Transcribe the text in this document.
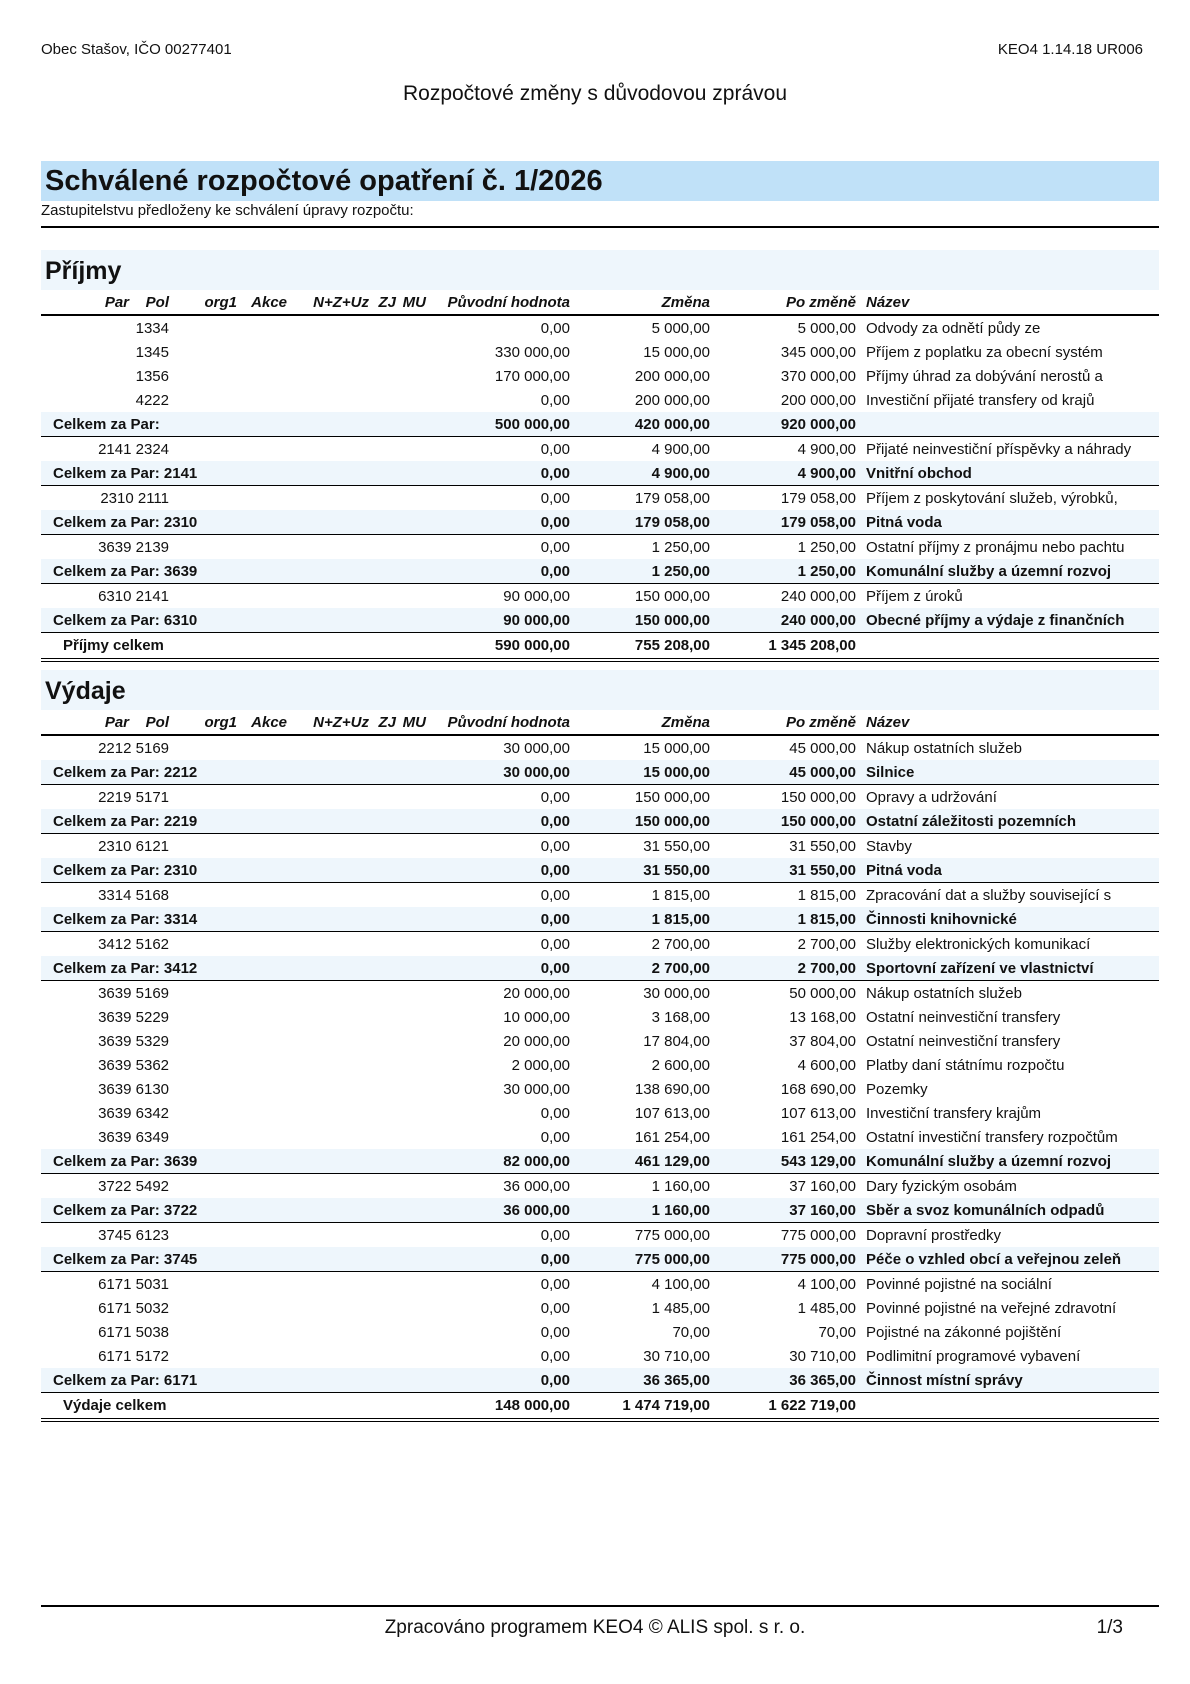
Obec Stašov, IČO 00277401	KEO4 1.14.18 UR006
Rozpočtové změny s důvodovou zprávou
Schválené rozpočtové opatření č. 1/2026
Zastupitelstvu předloženy ke schválení úpravy rozpočtu:
Příjmy
Par	Pol	org1	Akce	N+Z+Uz	ZJ	MU	Původní hodnota	Změna	Po změně	Název
1334							0,00	5 000,00	5 000,00	Odvody za odnětí půdy ze
1345							330 000,00	15 000,00	345 000,00	Příjem z poplatku za obecní systém
1356							170 000,00	200 000,00	370 000,00	Příjmy úhrad za dobývání nerostů a
4222							0,00	200 000,00	200 000,00	Investiční přijaté transfery od krajů
Celkem za Par:							500 000,00	420 000,00	920 000,00	
2141 2324							0,00	4 900,00	4 900,00	Přijaté neinvestiční příspěvky a náhrady
Celkem za Par: 2141							0,00	4 900,00	4 900,00	Vnitřní obchod
2310 2111							0,00	179 058,00	179 058,00	Příjem z poskytování služeb, výrobků,
Celkem za Par: 2310							0,00	179 058,00	179 058,00	Pitná voda
3639 2139							0,00	1 250,00	1 250,00	Ostatní příjmy z pronájmu nebo pachtu
Celkem za Par: 3639							0,00	1 250,00	1 250,00	Komunální služby a územní rozvoj
6310 2141							90 000,00	150 000,00	240 000,00	Příjem z úroků
Celkem za Par: 6310							90 000,00	150 000,00	240 000,00	Obecné příjmy a výdaje z finančních
Příjmy celkem							590 000,00	755 208,00	1 345 208,00	
Výdaje
Par	Pol	org1	Akce	N+Z+Uz	ZJ	MU	Původní hodnota	Změna	Po změně	Název
2212 5169							30 000,00	15 000,00	45 000,00	Nákup ostatních služeb
Celkem za Par: 2212							30 000,00	15 000,00	45 000,00	Silnice
2219 5171							0,00	150 000,00	150 000,00	Opravy a udržování
Celkem za Par: 2219							0,00	150 000,00	150 000,00	Ostatní záležitosti pozemních
2310 6121							0,00	31 550,00	31 550,00	Stavby
Celkem za Par: 2310							0,00	31 550,00	31 550,00	Pitná voda
3314 5168							0,00	1 815,00	1 815,00	Zpracování dat a služby související s
Celkem za Par: 3314							0,00	1 815,00	1 815,00	Činnosti knihovnické
3412 5162							0,00	2 700,00	2 700,00	Služby elektronických komunikací
Celkem za Par: 3412							0,00	2 700,00	2 700,00	Sportovní zařízení ve vlastnictví
3639 5169							20 000,00	30 000,00	50 000,00	Nákup ostatních služeb
3639 5229							10 000,00	3 168,00	13 168,00	Ostatní neinvestiční transfery
3639 5329							20 000,00	17 804,00	37 804,00	Ostatní neinvestiční transfery
3639 5362							2 000,00	2 600,00	4 600,00	Platby daní státnímu rozpočtu
3639 6130							30 000,00	138 690,00	168 690,00	Pozemky
3639 6342							0,00	107 613,00	107 613,00	Investiční transfery krajům
3639 6349							0,00	161 254,00	161 254,00	Ostatní investiční transfery rozpočtům
Celkem za Par: 3639							82 000,00	461 129,00	543 129,00	Komunální služby a územní rozvoj
3722 5492							36 000,00	1 160,00	37 160,00	Dary fyzickým osobám
Celkem za Par: 3722							36 000,00	1 160,00	37 160,00	Sběr a svoz komunálních odpadů
3745 6123							0,00	775 000,00	775 000,00	Dopravní prostředky
Celkem za Par: 3745							0,00	775 000,00	775 000,00	Péče o vzhled obcí a veřejnou zeleň
6171 5031							0,00	4 100,00	4 100,00	Povinné pojistné na sociální
6171 5032							0,00	1 485,00	1 485,00	Povinné pojistné na veřejné zdravotní
6171 5038							0,00	70,00	70,00	Pojistné na zákonné pojištění
6171 5172							0,00	30 710,00	30 710,00	Podlimitní programové vybavení
Celkem za Par: 6171							0,00	36 365,00	36 365,00	Činnost místní správy
Výdaje celkem							148 000,00	1 474 719,00	1 622 719,00	
Zpracováno programem KEO4 © ALIS spol. s r. o.	1/3
